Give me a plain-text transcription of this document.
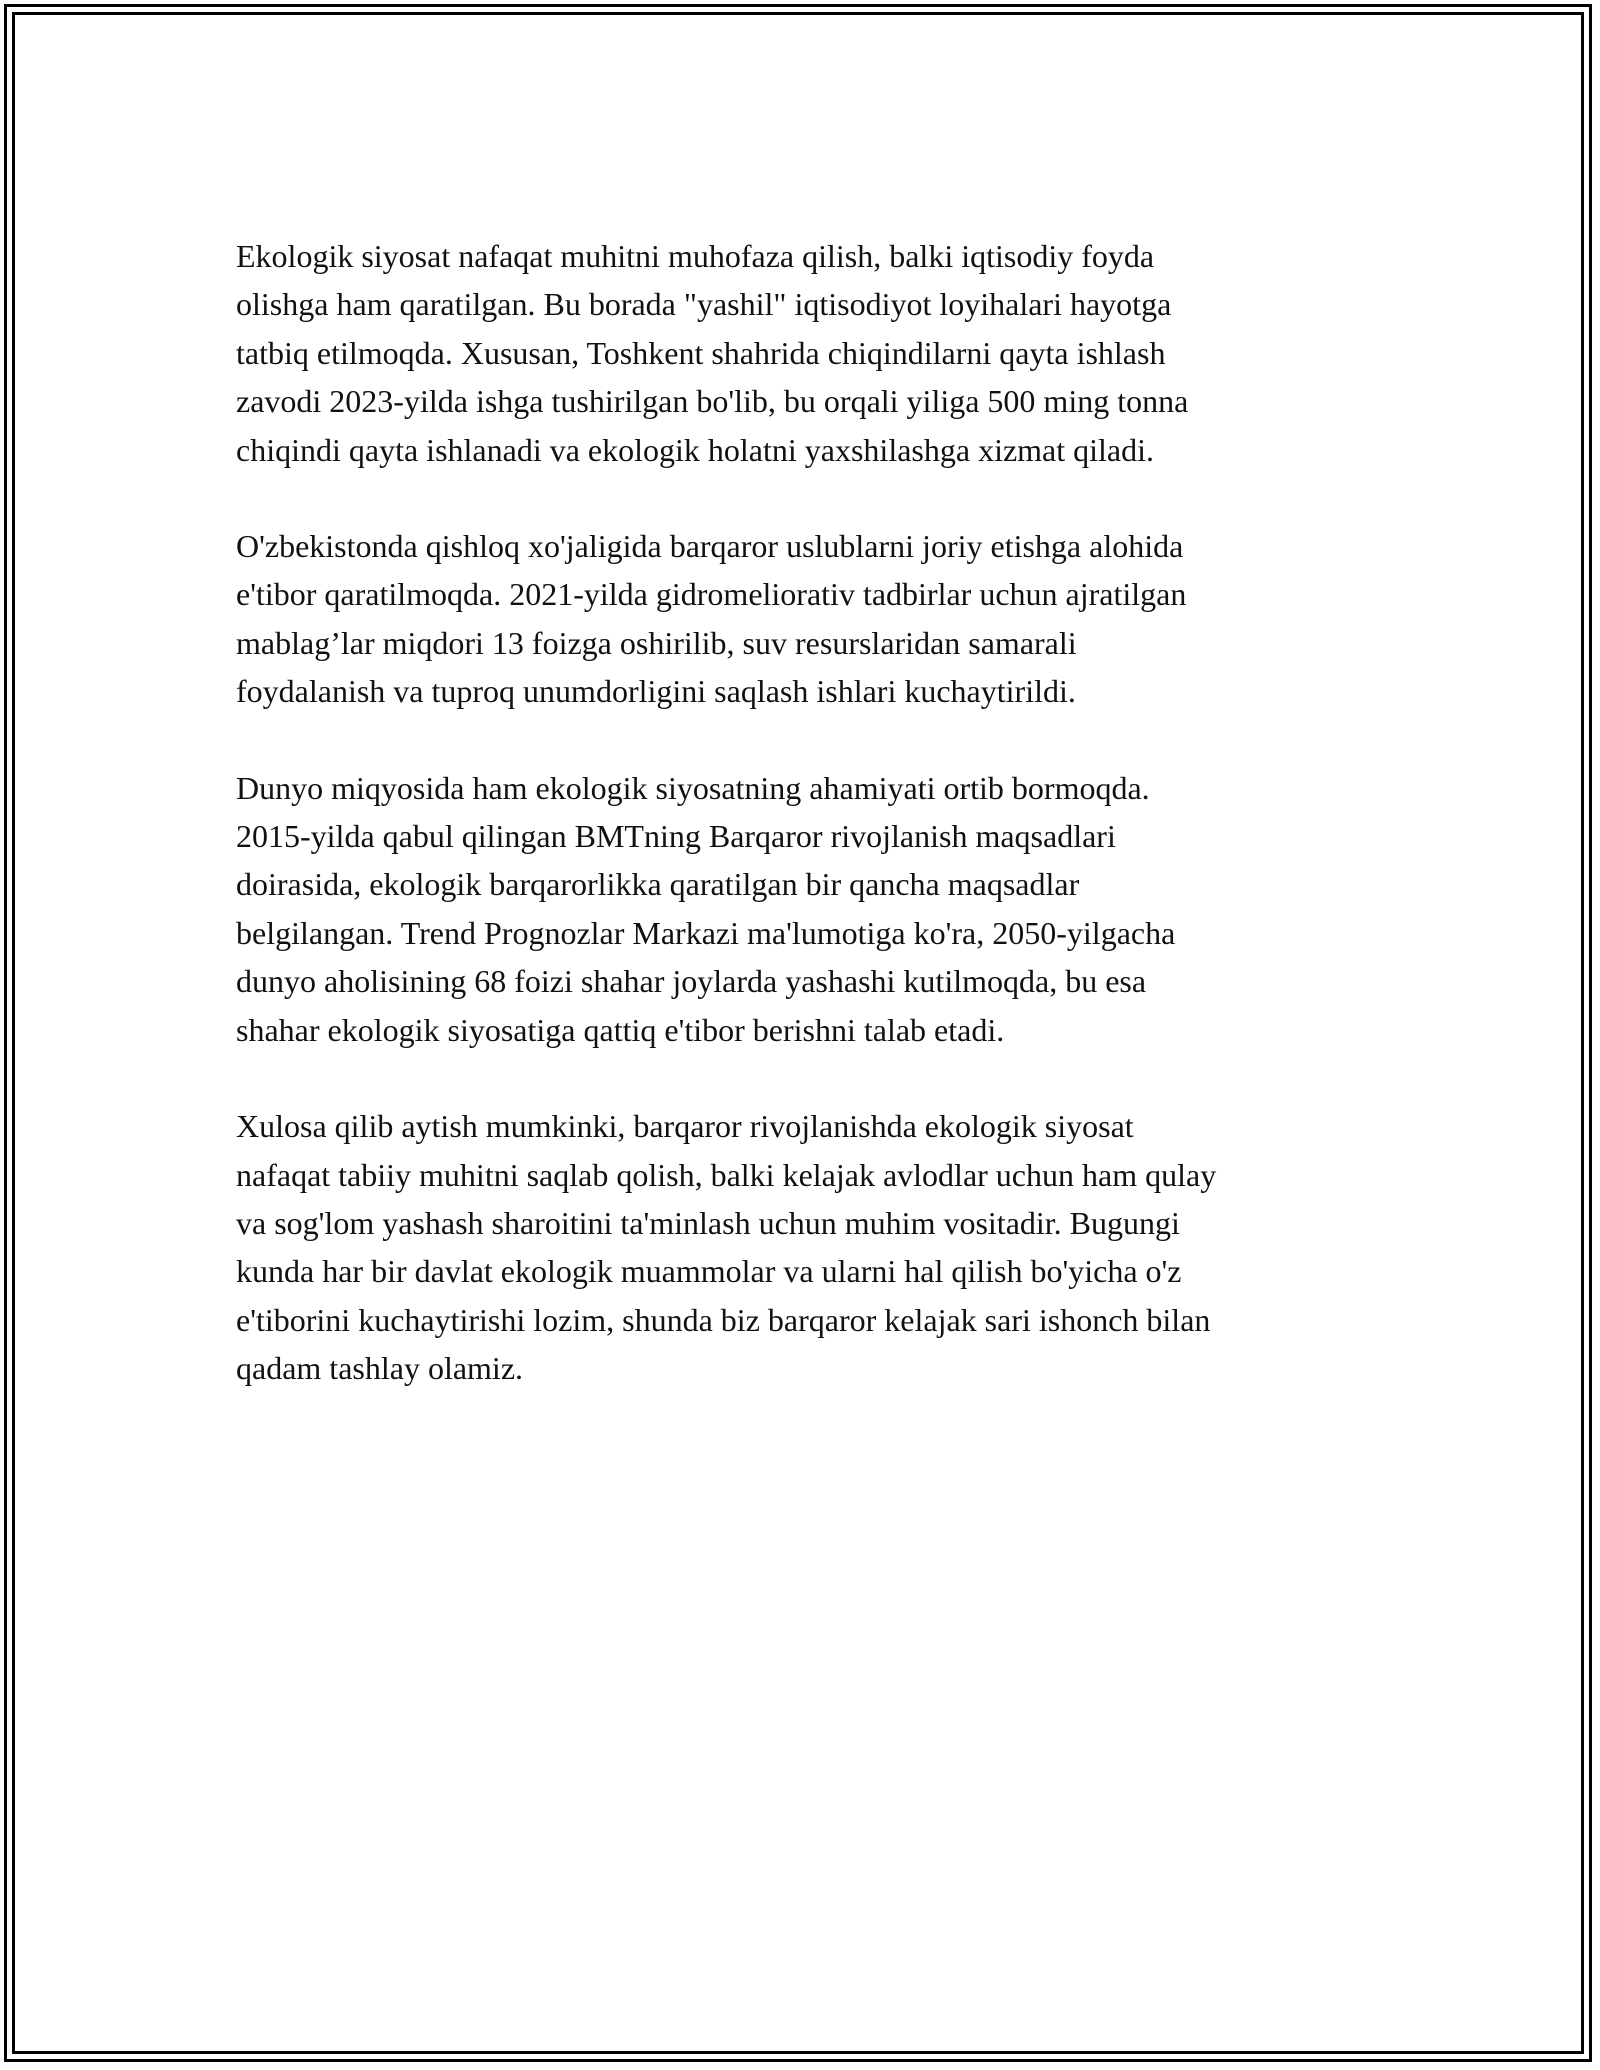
Ekologik siyosat nafaqat muhitni muhofaza qilish, balki iqtisodiy foyda
olishga ham qaratilgan. Bu borada "yashil" iqtisodiyot loyihalari hayotga
tatbiq etilmoqda. Xususan, Toshkent shahrida chiqindilarni qayta ishlash
zavodi 2023-yilda ishga tushirilgan bo'lib, bu orqali yiliga 500 ming tonna
chiqindi qayta ishlanadi va ekologik holatni yaxshilashga xizmat qiladi.

O'zbekistonda qishloq xo'jaligida barqaror uslublarni joriy etishga alohida
e'tibor qaratilmoqda. 2021-yilda gidromeliorativ tadbirlar uchun ajratilgan
mablag’lar miqdori 13 foizga oshirilib, suv resurslaridan samarali
foydalanish va tuproq unumdorligini saqlash ishlari kuchaytirildi.

Dunyo miqyosida ham ekologik siyosatning ahamiyati ortib bormoqda.
2015-yilda qabul qilingan BMTning Barqaror rivojlanish maqsadlari
doirasida, ekologik barqarorlikka qaratilgan bir qancha maqsadlar
belgilangan. Trend Prognozlar Markazi ma'lumotiga ko'ra, 2050-yilgacha
dunyo aholisining 68 foizi shahar joylarda yashashi kutilmoqda, bu esa
shahar ekologik siyosatiga qattiq e'tibor berishni talab etadi.

Xulosa qilib aytish mumkinki, barqaror rivojlanishda ekologik siyosat
nafaqat tabiiy muhitni saqlab qolish, balki kelajak avlodlar uchun ham qulay
va sog'lom yashash sharoitini ta'minlash uchun muhim vositadir. Bugungi
kunda har bir davlat ekologik muammolar va ularni hal qilish bo'yicha o'z
e'tiborini kuchaytirishi lozim, shunda biz barqaror kelajak sari ishonch bilan
qadam tashlay olamiz.
